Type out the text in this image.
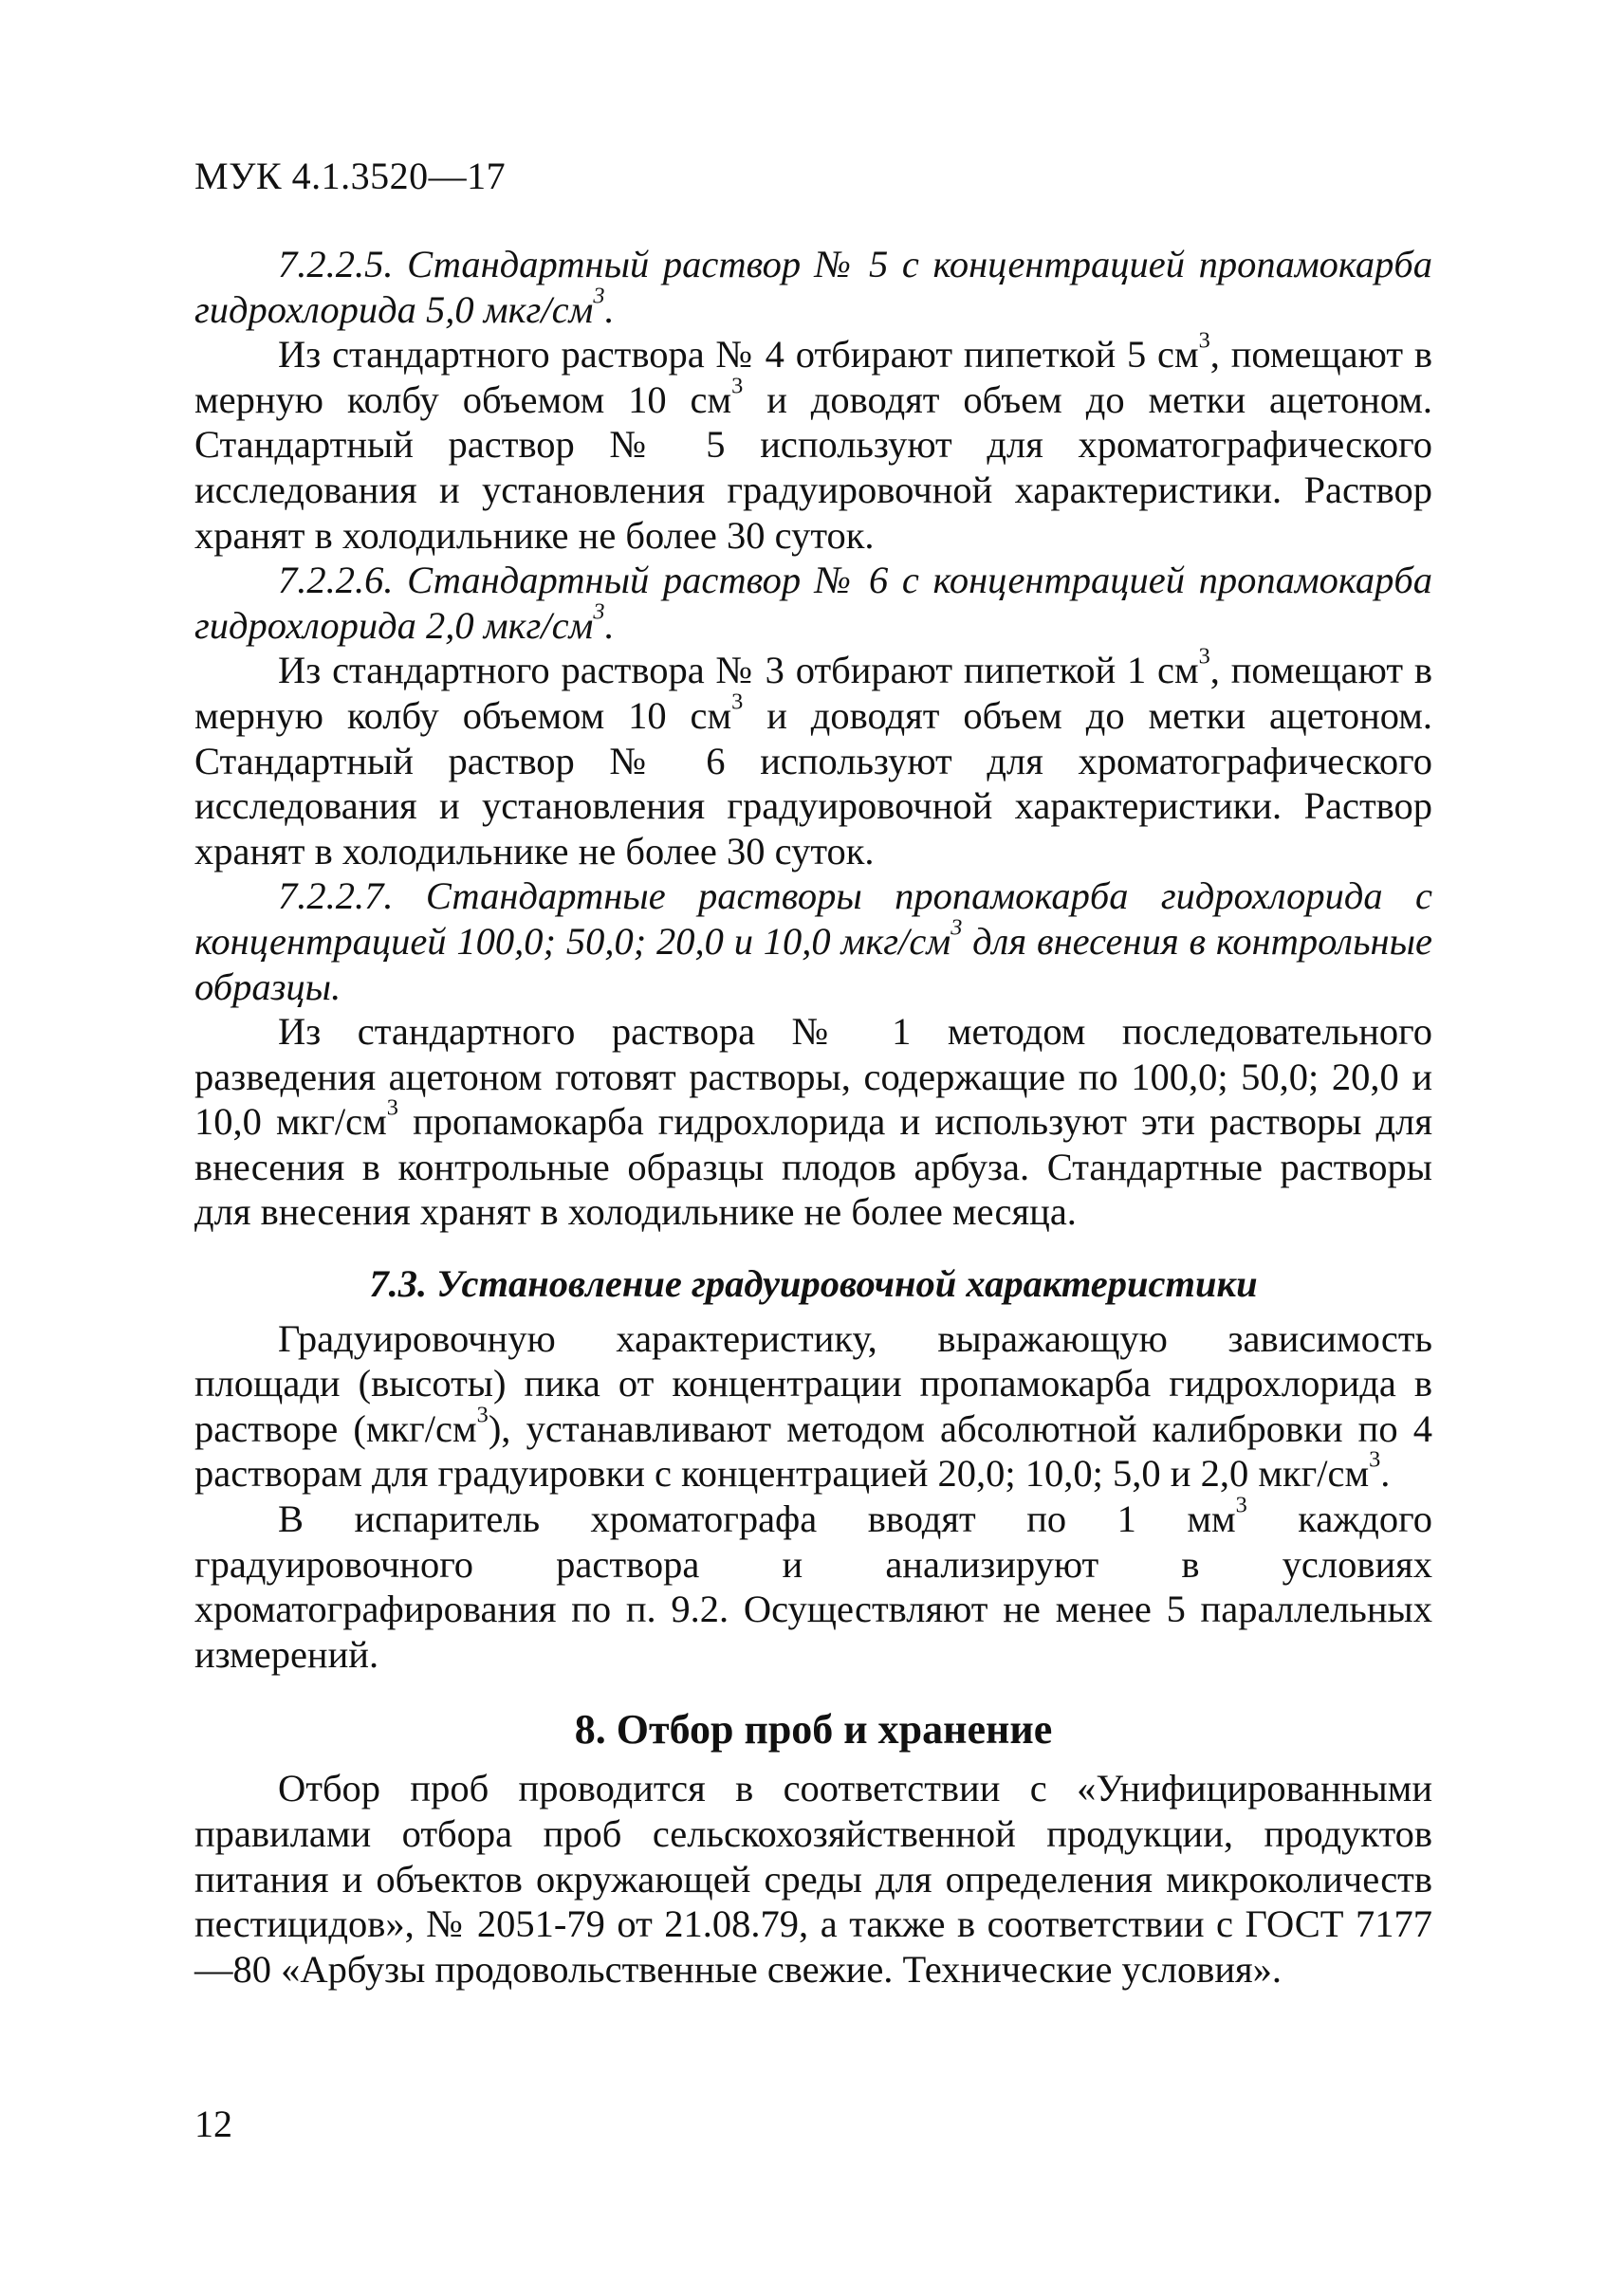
МУК 4.1.3520—17

7.2.2.5. Стандартный раствор № 5 с концентрацией пропамокарба гидрохлорида 5,0 мкг/$см^3$.

Из стандартного раствора № 4 отбирают пипеткой 5 $см^3$, помещают в мерную колбу объемом 10 $см^3$ и доводят объем до метки ацетоном. Стандартный раствор № 5 используют для хроматографического исследования и установления градуировочной характеристики. Раствор хранят в холодильнике не более 30 суток.

7.2.2.6. Стандартный раствор № 6 с концентрацией пропамокарба гидрохлорида 2,0 мкг/$см^3$.

Из стандартного раствора № 3 отбирают пипеткой 1 $см^3$, помещают в мерную колбу объемом 10 $см^3$ и доводят объем до метки ацетоном. Стандартный раствор № 6 используют для хроматографического исследования и установления градуировочной характеристики. Раствор хранят в холодильнике не более 30 суток.

7.2.2.7. Стандартные растворы пропамокарба гидрохлорида с концентрацией 100,0; 50,0; 20,0 и 10,0 мкг/$см^3$ для внесения в контрольные образцы.

Из стандартного раствора № 1 методом последовательного разведения ацетоном готовят растворы, содержащие по 100,0; 50,0; 20,0 и 10,0 мкг/$см^3$ пропамокарба гидрохлорида и используют эти растворы для внесения в контрольные образцы плодов арбуза. Стандартные растворы для внесения хранят в холодильнике не более месяца.

7.3. Установление градуировочной характеристики

Градуировочную характеристику, выражающую зависимость площади (высоты) пика от концентрации пропамокарба гидрохлорида в растворе $(мкг/см^3)$, устанавливают методом абсолютной калибровки по 4 растворам для градуировки с концентрацией 20,0; 10,0; 5,0 и 2,0 мкг/$см^3$.

В испаритель хроматографа вводят по 1 $мм^3$ каждого градуировочного раствора и анализируют в условиях хроматографирования по п. 9.2. Осуществляют не менее 5 параллельных измерений.

8. Отбор проб и хранение

Отбор проб проводится в соответствии с «Унифицированными правилами отбора проб сельскохозяйственной продукции, продуктов питания и объектов окружающей среды для определения микроколичеств пестицидов», № 2051-79 от 21.08.79, а также в соответствии с ГОСТ 7177—80 «Арбузы продовольственные свежие. Технические условия».

12
